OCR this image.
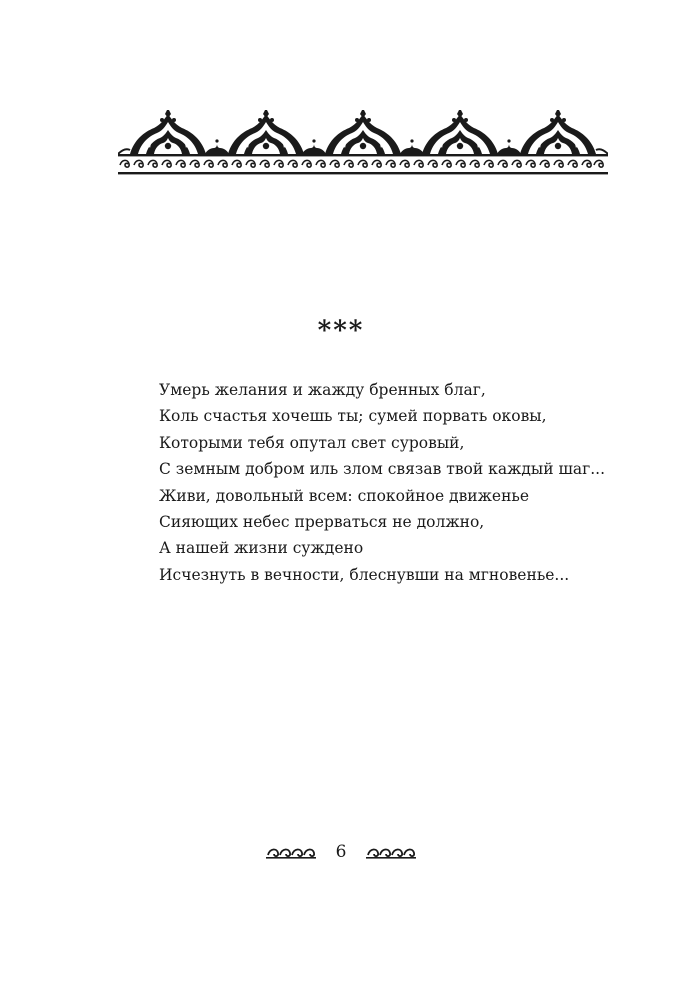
***
Умерь желания и жажду бренных благ,
Коль счастья хочешь ты; сумей порвать оковы,
Которыми тебя опутал свет суровый,
С земным добром иль злом связав твой каждый шаг...
Живи, довольный всем: спокойное движенье
Сияющих небес прерваться не должно,
А нашей жизни суждено
Исчезнуть в вечности, блеснувши на мгновенье...
6
